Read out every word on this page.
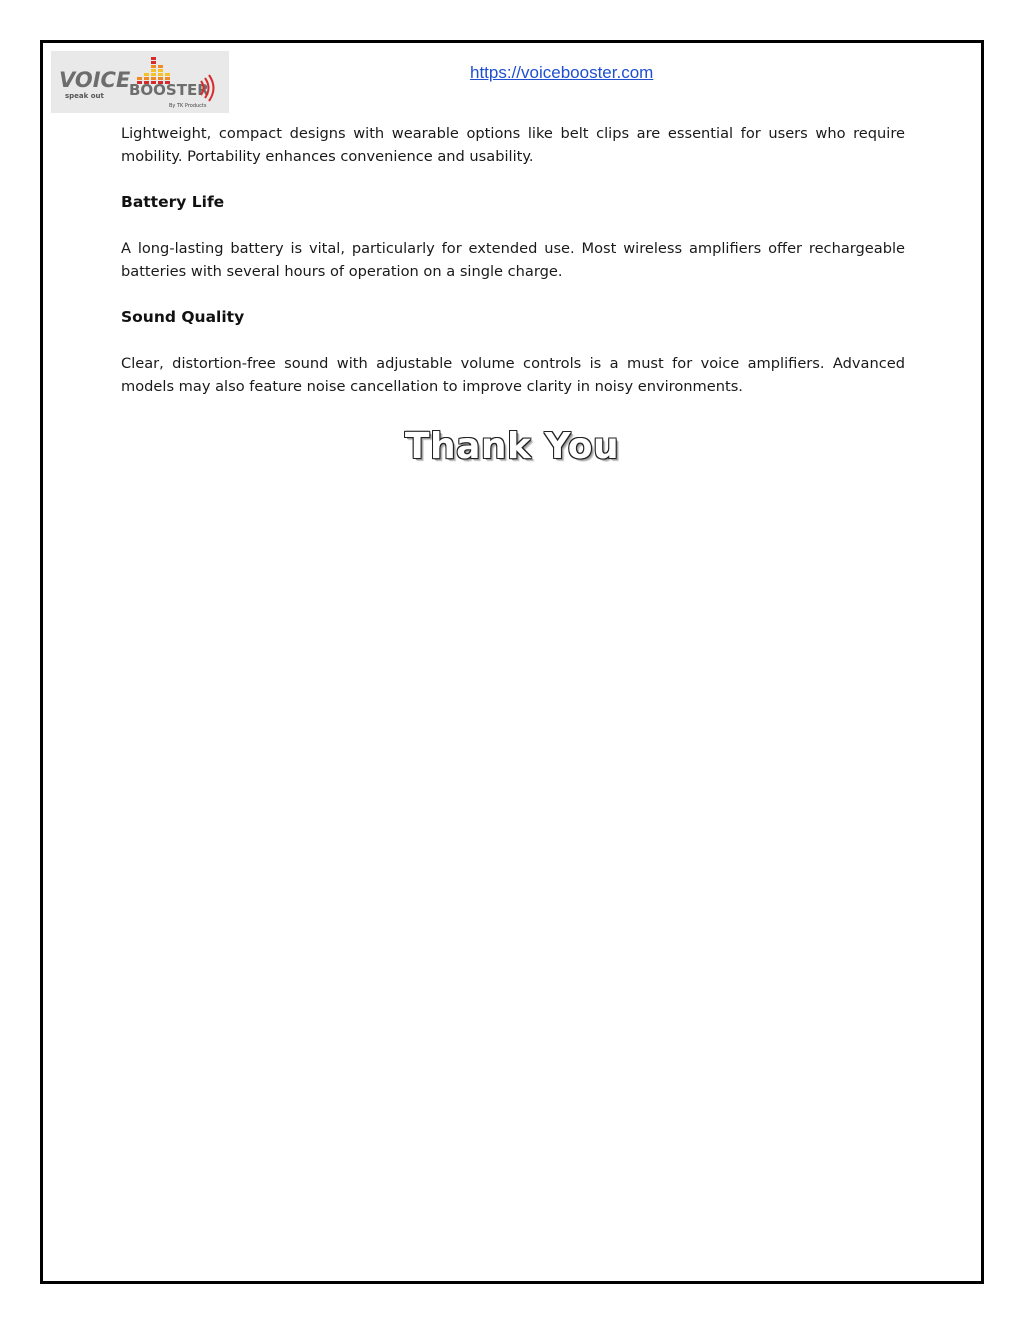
VOICE
BOOSTER
speak out
By TK Products
https://voicebooster.com

Lightweight, compact designs with wearable options like belt clips are essential for users who require mobility. Portability enhances convenience and usability.

Battery Life

A long-lasting battery is vital, particularly for extended use. Most wireless amplifiers offer rechargeable batteries with several hours of operation on a single charge.

Sound Quality

Clear, distortion-free sound with adjustable volume controls is a must for voice amplifiers. Advanced models may also feature noise cancellation to improve clarity in noisy environments.

Thank You
